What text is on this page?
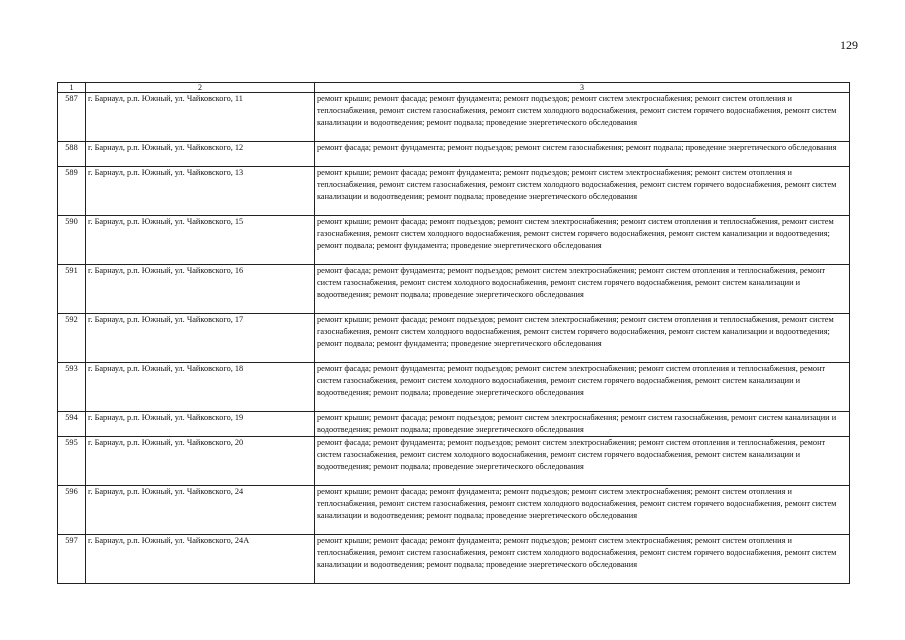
129
1	2	3
587	г. Барнаул, р.п. Южный, ул. Чайковского, 11	ремонт крыши; ремонт фасада; ремонт фундамента; ремонт подъездов; ремонт систем электроснабжения; ремонт систем отопления и теплоснабжения, ремонт систем газоснабжения, ремонт систем холодного водоснабжения, ремонт систем горячего водоснабжения, ремонт систем канализации и водоотведения; ремонт подвала; проведение энергетического обследования
588	г. Барнаул, р.п. Южный, ул. Чайковского, 12	ремонт фасада; ремонт фундамента; ремонт подъездов; ремонт систем газоснабжения; ремонт подвала; проведение энергетического обследования
589	г. Барнаул, р.п. Южный, ул. Чайковского, 13	ремонт крыши; ремонт фасада; ремонт фундамента; ремонт подъездов; ремонт систем электроснабжения; ремонт систем отопления и теплоснабжения, ремонт систем газоснабжения, ремонт систем холодного водоснабжения, ремонт систем горячего водоснабжения, ремонт систем канализации и водоотведения; ремонт подвала; проведение энергетического обследования
590	г. Барнаул, р.п. Южный, ул. Чайковского, 15	ремонт крыши; ремонт фасада; ремонт подъездов; ремонт систем электроснабжения; ремонт систем отопления и теплоснабжения, ремонт систем газоснабжения, ремонт систем холодного водоснабжения, ремонт систем горячего водоснабжения, ремонт систем канализации и водоотведения; ремонт подвала; ремонт фундамента; проведение энергетического обследования
591	г. Барнаул, р.п. Южный, ул. Чайковского, 16	ремонт фасада; ремонт фундамента; ремонт подъездов; ремонт систем электроснабжения; ремонт систем отопления и теплоснабжения, ремонт систем газоснабжения, ремонт систем холодного водоснабжения, ремонт систем горячего водоснабжения, ремонт систем канализации и водоотведения; ремонт подвала; проведение энергетического обследования
592	г. Барнаул, р.п. Южный, ул. Чайковского, 17	ремонт крыши; ремонт фасада; ремонт подъездов; ремонт систем электроснабжения; ремонт систем отопления и теплоснабжения, ремонт систем газоснабжения, ремонт систем холодного водоснабжения, ремонт систем горячего водоснабжения, ремонт систем канализации и водоотведения; ремонт подвала; ремонт фундамента; проведение энергетического обследования
593	г. Барнаул, р.п. Южный, ул. Чайковского, 18	ремонт фасада; ремонт фундамента; ремонт подъездов; ремонт систем электроснабжения; ремонт систем отопления и теплоснабжения, ремонт систем газоснабжения, ремонт систем холодного водоснабжения, ремонт систем горячего водоснабжения, ремонт систем канализации и водоотведения; ремонт подвала; проведение энергетического обследования
594	г. Барнаул, р.п. Южный, ул. Чайковского, 19	ремонт крыши; ремонт фасада; ремонт подъездов; ремонт систем электроснабжения; ремонт систем газоснабжения, ремонт систем канализации и водоотведения; ремонт подвала; проведение энергетического обследования
595	г. Барнаул, р.п. Южный, ул. Чайковского, 20	ремонт фасада; ремонт фундамента; ремонт подъездов; ремонт систем электроснабжения; ремонт систем отопления и теплоснабжения, ремонт систем газоснабжения, ремонт систем холодного водоснабжения, ремонт систем горячего водоснабжения, ремонт систем канализации и водоотведения; ремонт подвала; проведение энергетического обследования
596	г. Барнаул, р.п. Южный, ул. Чайковского, 24	ремонт крыши; ремонт фасада; ремонт фундамента; ремонт подъездов; ремонт систем электроснабжения; ремонт систем отопления и теплоснабжения, ремонт систем газоснабжения, ремонт систем холодного водоснабжения, ремонт систем горячего водоснабжения, ремонт систем канализации и водоотведения; ремонт подвала; проведение энергетического обследования
597	г. Барнаул, р.п. Южный, ул. Чайковского, 24А	ремонт крыши; ремонт фасада; ремонт фундамента; ремонт подъездов; ремонт систем электроснабжения; ремонт систем отопления и теплоснабжения, ремонт систем газоснабжения, ремонт систем холодного водоснабжения, ремонт систем горячего водоснабжения, ремонт систем канализации и водоотведения; ремонт подвала; проведение энергетического обследования
